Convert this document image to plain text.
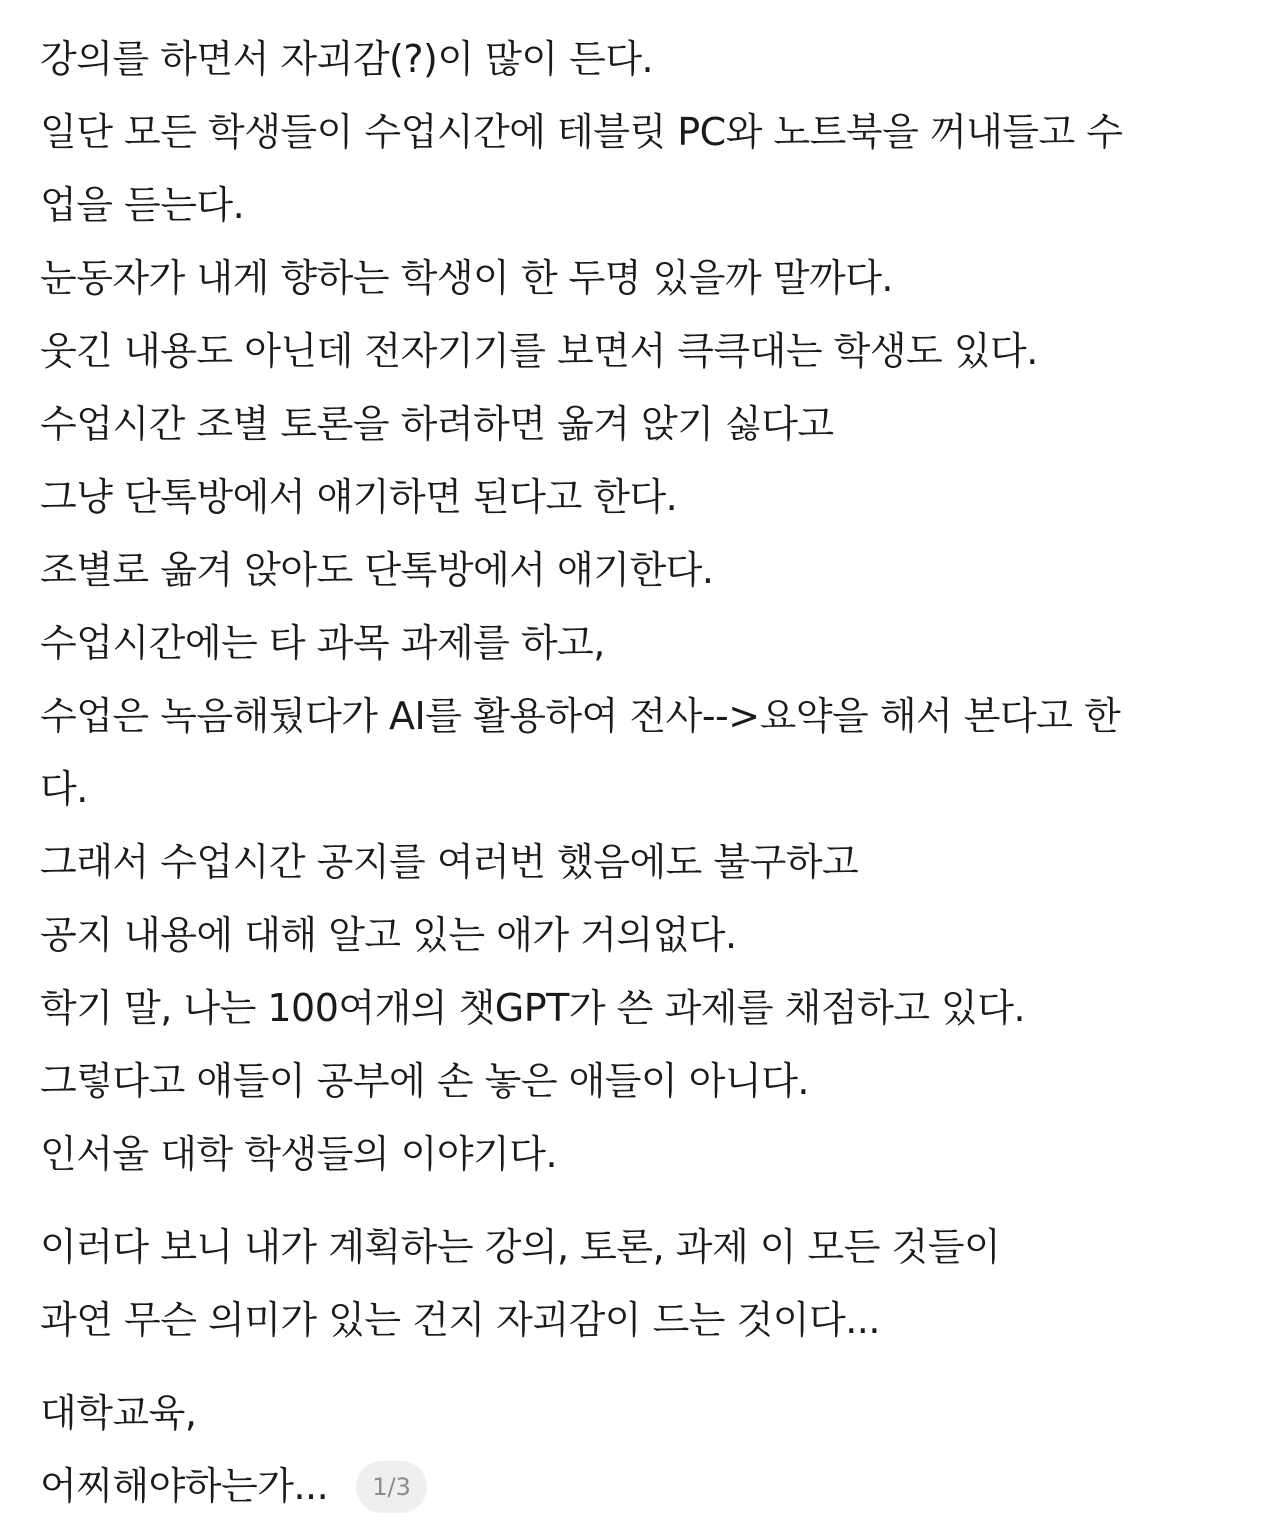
강의를 하면서 자괴감(?)이 많이 든다.
일단 모든 학생들이 수업시간에 테블릿 PC와 노트북을 꺼내들고 수
업을 듣는다.
눈동자가 내게 향하는 학생이 한 두명 있을까 말까다.
웃긴 내용도 아닌데 전자기기를 보면서 큭큭대는 학생도 있다.
수업시간 조별 토론을 하려하면 옮겨 앉기 싫다고
그냥 단톡방에서 얘기하면 된다고 한다.
조별로 옮겨 앉아도 단톡방에서 얘기한다.
수업시간에는 타 과목 과제를 하고,
수업은 녹음해뒀다가 AI를 활용하여 전사-->요약을 해서 본다고 한
다.
그래서 수업시간 공지를 여러번 했음에도 불구하고
공지 내용에 대해 알고 있는 애가 거의없다.
학기 말, 나는 100여개의 챗GPT가 쓴 과제를 채점하고 있다.
그렇다고 얘들이 공부에 손 놓은 애들이 아니다.
인서울 대학 학생들의 이야기다.
이러다 보니 내가 계획하는 강의, 토론, 과제 이 모든 것들이
과연 무슨 의미가 있는 건지 자괴감이 드는 것이다...
대학교육,
어찌해야하는가...	1/3
